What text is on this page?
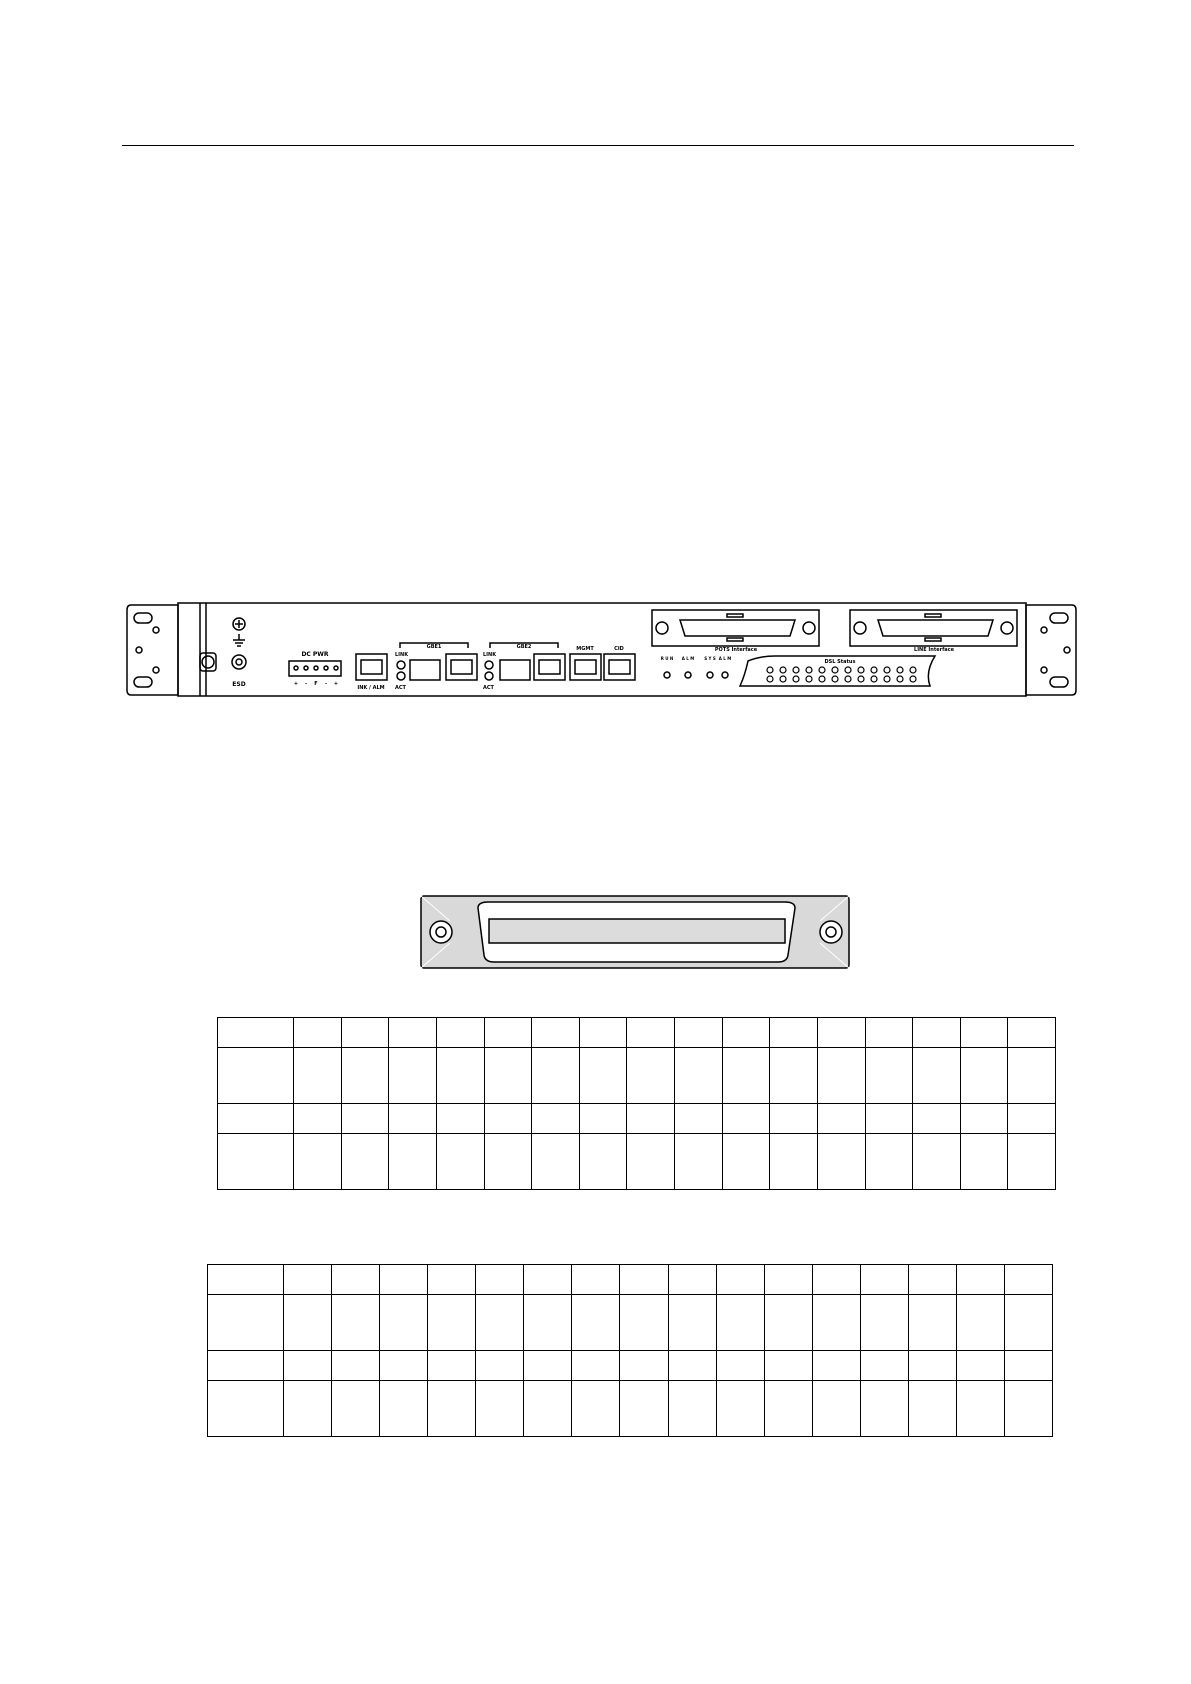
ESD
DC PWR
INK / ALM
LINK
ACT
GBE1
LINK
ACT
GBE2	MGMT	CID	POTS Interface	LINE Interface
DSL Status
+ - F - +
R U N A L M	S Y S A L M
